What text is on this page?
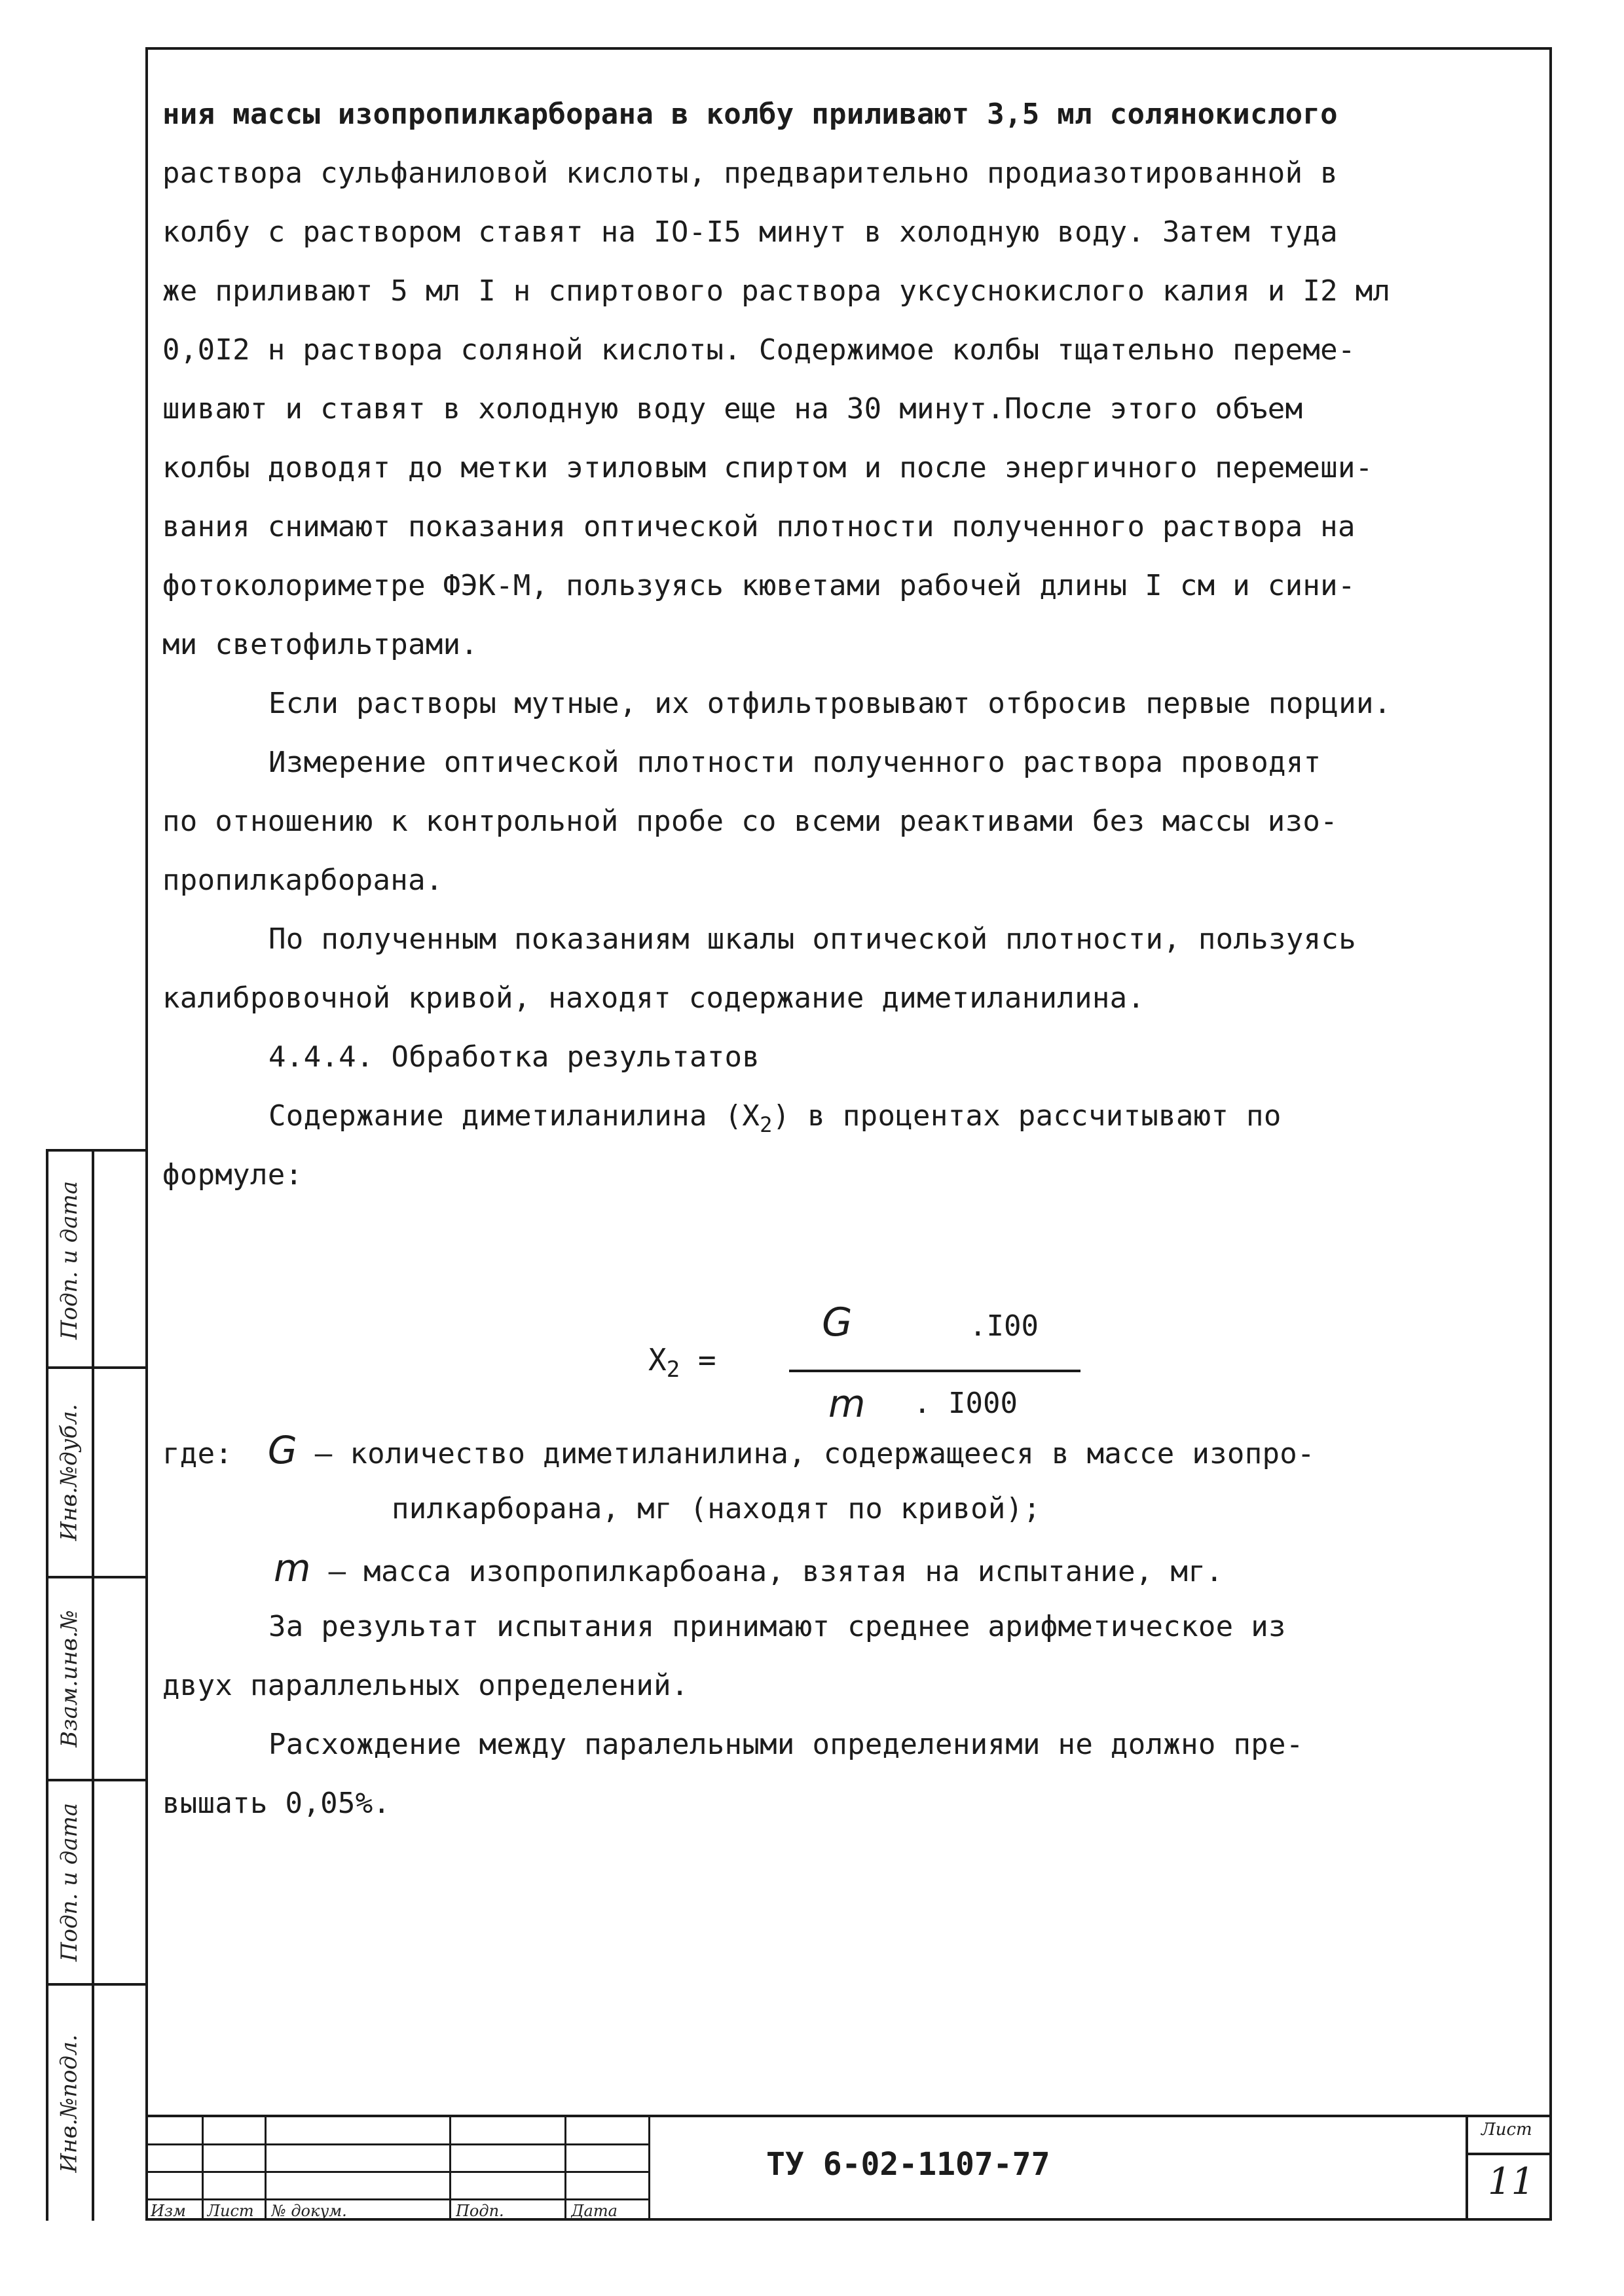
Инв.№подл.
Подп. и дата
Взам.инв.№
Инв.№дубл.
Подп. и дата
ния массы изопропилкарборана в колбу приливают 3,5 мл солянокислого
раствора сульфаниловой кислоты, предварительно продиазотированной в
колбу с раствором ставят на IO-I5 минут в холодную воду. Затем туда
же приливают 5 мл I н спиртового раствора уксуснокислого калия и I2 мл
0,0I2 н раствора соляной кислоты. Содержимое колбы тщательно переме-
шивают и ставят в холодную воду еще на 30 минут.После этого объем
колбы доводят до метки этиловым спиртом и после энергичного перемеши-
вания снимают показания оптической плотности полученного раствора на
фотоколориметре ФЭК-М, пользуясь кюветами рабочей длины I см и сини-
ми светофильтрами.
Если растворы мутные, их отфильтровывают отбросив первые порции.
Измерение оптической плотности полученного раствора проводят
по отношению к контрольной пробе со всеми реактивами без массы изо-
пропилкарборана.
По полученным показаниям шкалы оптической плотности, пользуясь
калибровочной кривой, находят содержание диметиланилина.
4.4.4. Обработка результатов
Содержание диметиланилина $(X_2)$ в процентах рассчитывают по
формуле:
$X_2$ =
G	.I00
m . I000
где: G – количество диметиланилина, содержащееся в массе изопро-
пилкарборана, мг (находят по кривой);
m – масса изопропилкарбоана, взятая на испытание, мг.
За результат испытания принимают среднее арифметическое из
двух параллельных определений.
Расхождение между паралельными определениями не должно пре-
вышать 0,05%.
Изм Лист № докум.	Подп.	Дата
ТУ 6-02-1107-77
Лист
11
